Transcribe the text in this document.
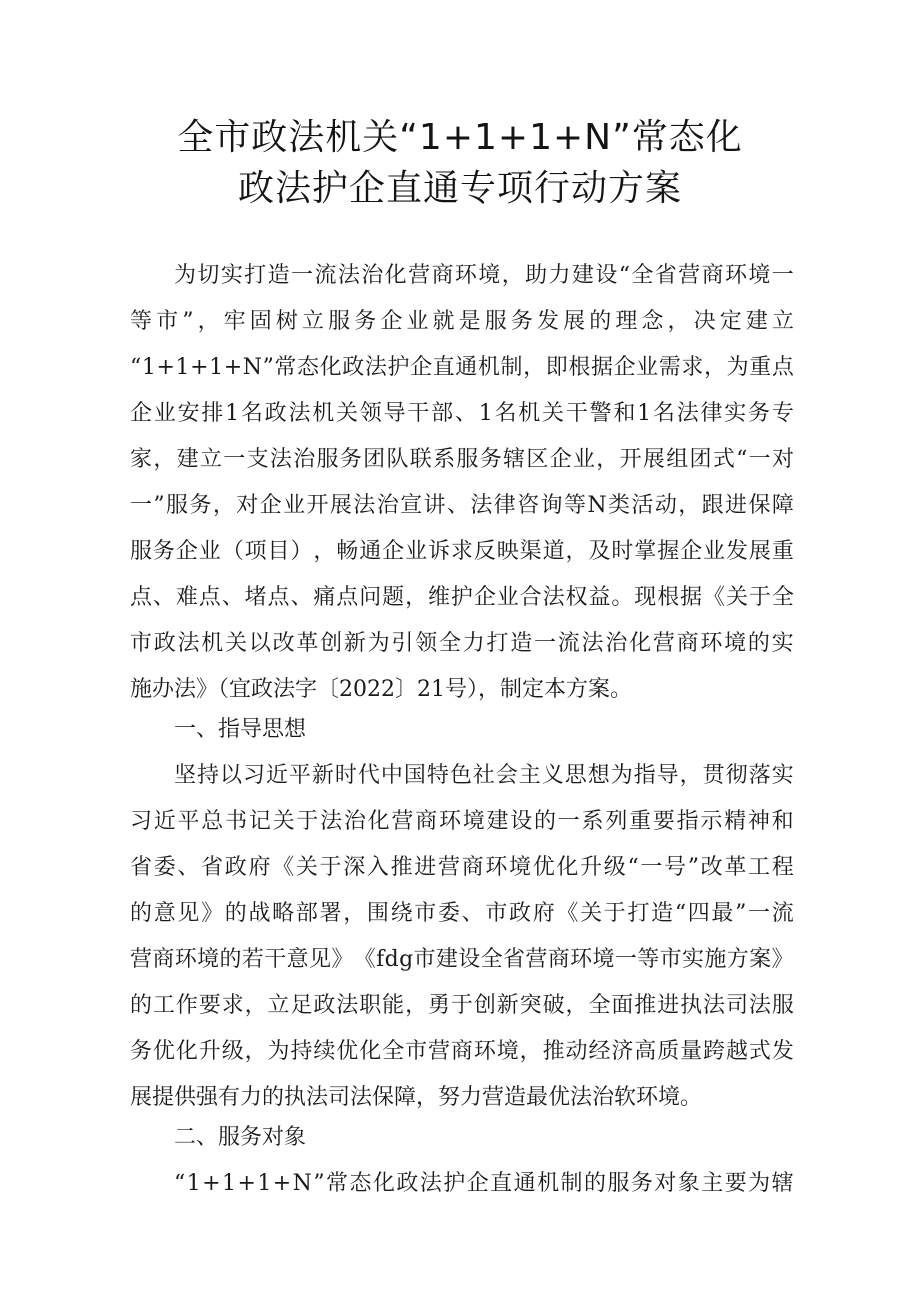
全市政法机关“1+1+1+N”常态化
政法护企直通专项行动方案
为 切 实 打 造 一 流 法 治 化 营 商 环 境 ， 助 力 建 设 “ 全 省 营 商 环 境 一
等 市 ” ， 牢 固 树 立 服 务 企 业 就 是 服 务 发 展 的 理 念 ， 决 定 建 立
“ 1 + 1 + 1 + N ” 常 态 化 政 法 护 企 直 通 机 制 ， 即 根 据 企 业 需 求 ， 为 重 点
企 业 安 排 1 名 政 法 机 关 领 导 干 部 、 1 名 机 关 干 警 和 1 名 法 律 实 务 专
家 ， 建 立 一 支 法 治 服 务 团 队 联 系 服 务 辖 区 企 业 ， 开 展 组 团 式 “ 一 对
一 ” 服 务 ， 对 企 业 开 展 法 治 宣 讲 、 法 律 咨 询 等 N 类 活 动 ， 跟 进 保 障
服 务 企 业 （ 项 目 ） ， 畅 通 企 业 诉 求 反 映 渠 道 ， 及 时 掌 握 企 业 发 展 重
点 、 难 点 、 堵 点 、 痛 点 问 题 ， 维 护 企 业 合 法 权 益 。 现 根 据 《 关 于 全
市 政 法 机 关 以 改 革 创 新 为 引 领 全 力 打 造 一 流 法 治 化 营 商 环 境 的 实
施办法》（宜政法字〔2022〕21号），制定本方案。
一、指导思想
坚 持 以 习 近 平 新 时 代 中 国 特 色 社 会 主 义 思 想 为 指 导 ， 贯 彻 落 实
习 近 平 总 书 记 关 于 法 治 化 营 商 环 境 建 设 的 一 系 列 重 要 指 示 精 神 和
省 委 、 省 政 府 《 关 于 深 入 推 进 营 商 环 境 优 化 升 级 “ 一 号 ” 改 革 工 程
的 意 见 》 的 战 略 部 署 ， 围 绕 市 委 、 市 政 府 《 关 于 打 造 “ 四 最 ” 一 流
营 商 环 境 的 若 干 意 见 》 《 f d g 市 建 设 全 省 营 商 环 境 一 等 市 实 施 方 案 》
的 工 作 要 求 ， 立 足 政 法 职 能 ， 勇 于 创 新 突 破 ， 全 面 推 进 执 法 司 法 服
务 优 化 升 级 ， 为 持 续 优 化 全 市 营 商 环 境 ， 推 动 经 济 高 质 量 跨 越 式 发
展提供强有力的执法司法保障，努力营造最优法治软环境。
二、服务对象
“ 1 + 1 + 1 + N ” 常 态 化 政 法 护 企 直 通 机 制 的 服 务 对 象 主 要 为 辖
